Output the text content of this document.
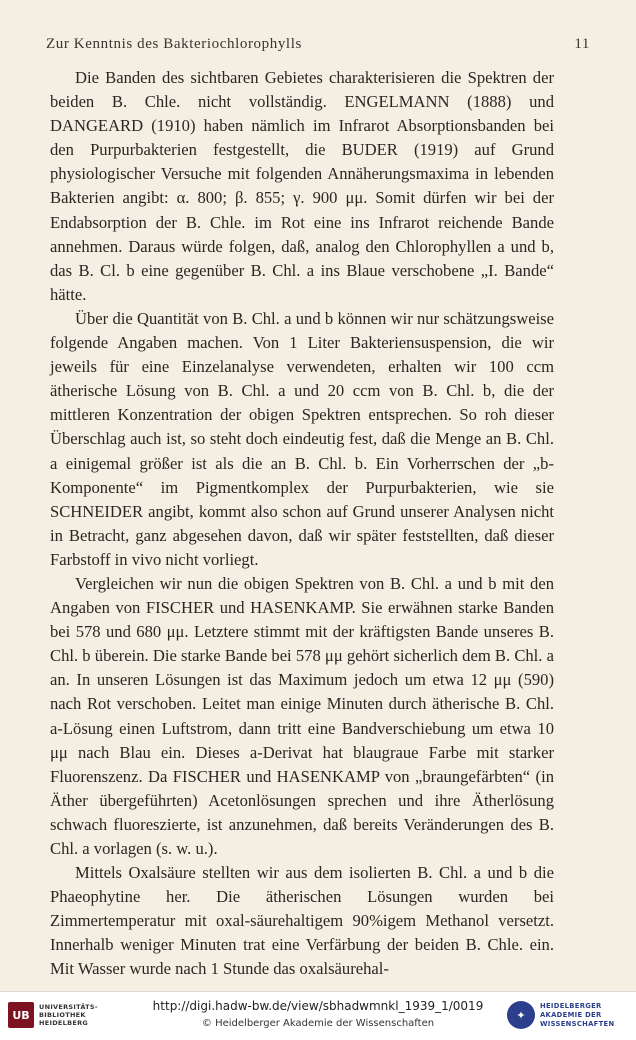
Zur Kenntnis des Bakteriochlorophylls	11

Die Banden des sichtbaren Gebietes charakterisieren die Spektren der beiden B. Chle. nicht vollständig. ENGELMANN (1888) und DANGEARD (1910) haben nämlich im Infrarot Absorptionsbanden bei den Purpurbakterien festgestellt, die BUDER (1919) auf Grund physiologischer Versuche mit folgenden Annäherungsmaxima in lebenden Bakterien angibt: α. 800; β. 855; γ. 900 μμ. Somit dürfen wir bei der Endabsorption der B. Chle. im Rot eine ins Infrarot reichende Bande annehmen. Daraus würde folgen, daß, analog den Chlorophyllen a und b, das B. Cl. b eine gegenüber B. Chl. a ins Blaue verschobene „I. Bande“ hätte.

Über die Quantität von B. Chl. a und b können wir nur schätzungsweise folgende Angaben machen. Von 1 Liter Bakteriensuspension, die wir jeweils für eine Einzelanalyse verwendeten, erhalten wir 100 ccm ätherische Lösung von B. Chl. a und 20 ccm von B. Chl. b, die der mittleren Konzentration der obigen Spektren entsprechen. So roh dieser Überschlag auch ist, so steht doch eindeutig fest, daß die Menge an B. Chl. a einigemal größer ist als die an B. Chl. b. Ein Vorherrschen der „b-Komponente“ im Pigmentkomplex der Purpurbakterien, wie sie SCHNEIDER angibt, kommt also schon auf Grund unserer Analysen nicht in Betracht, ganz abgesehen davon, daß wir später feststellten, daß dieser Farbstoff in vivo nicht vorliegt.

Vergleichen wir nun die obigen Spektren von B. Chl. a und b mit den Angaben von FISCHER und HASENKAMP. Sie erwähnen starke Banden bei 578 und 680 μμ. Letztere stimmt mit der kräftigsten Bande unseres B. Chl. b überein. Die starke Bande bei 578 μμ gehört sicherlich dem B. Chl. a an. In unseren Lösungen ist das Maximum jedoch um etwa 12 μμ (590) nach Rot verschoben. Leitet man einige Minuten durch ätherische B. Chl. a-Lösung einen Luftstrom, dann tritt eine Bandverschiebung um etwa 10 μμ nach Blau ein. Dieses a-Derivat hat blaugraue Farbe mit starker Fluorenszenz. Da FISCHER und HASENKAMP von „braungefärbten“ (in Äther übergeführten) Acetonlösungen sprechen und ihre Ätherlösung schwach fluoreszierte, ist anzunehmen, daß bereits Veränderungen des B. Chl. a vorlagen (s. w. u.).

Mittels Oxalsäure stellten wir aus dem isolierten B. Chl. a und b die Phaeophytine her. Die ätherischen Lösungen wurden bei Zimmertemperatur mit oxal-säurehaltigem 90%igem Methanol versetzt. Innerhalb weniger Minuten trat eine Verfärbung der beiden B. Chle. ein. Mit Wasser wurde nach 1 Stunde das oxalsäurehal-

UB
UNIVERSITÄTS- BIBLIOTHEK HEIDELBERG
http://digi.hadw-bw.de/view/sbhadwmnkl_1939_1/0019
© Heidelberger Akademie der Wissenschaften
✦
HEIDELBERGER AKADEMIE DER WISSENSCHAFTEN
